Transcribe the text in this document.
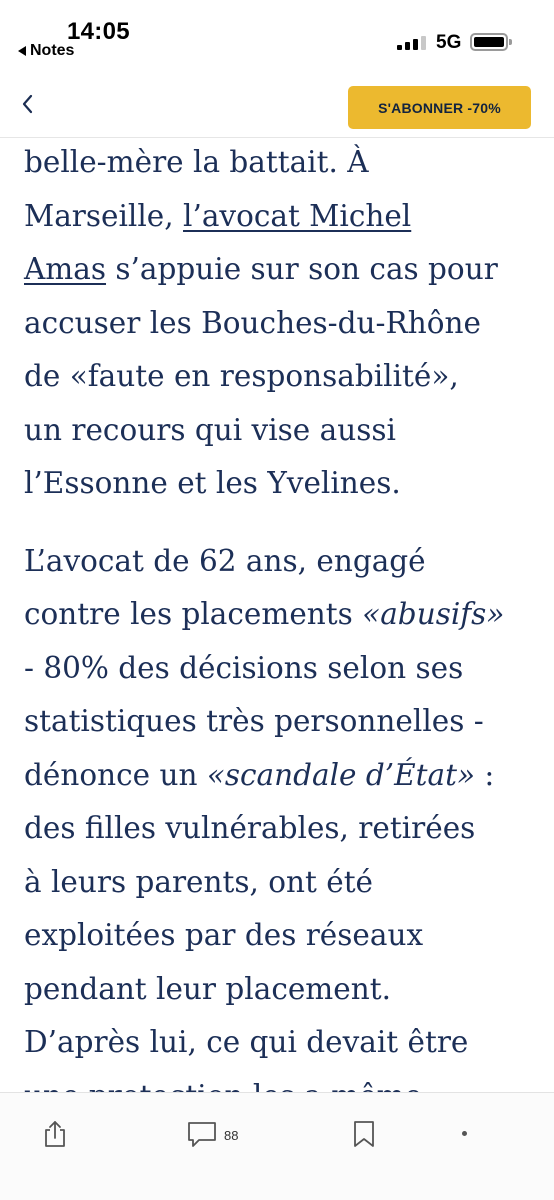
14:05
Notes	5G
S'ABONNER -70%
belle-mère la battait. À
Marseille, l’avocat Michel
Amas s’appuie sur son cas pour
accuser les Bouches-du-Rhône
de «faute en responsabilité»,
un recours qui vise aussi
l’Essonne et les Yvelines.
L’avocat de 62 ans, engagé
contre les placements «abusifs»
- 80% des décisions selon ses
statistiques très personnelles -
dénonce un «scandale d’État» :
des filles vulnérables, retirées
à leurs parents, ont été
exploitées par des réseaux
pendant leur placement.
D’après lui, ce qui devait être
88
